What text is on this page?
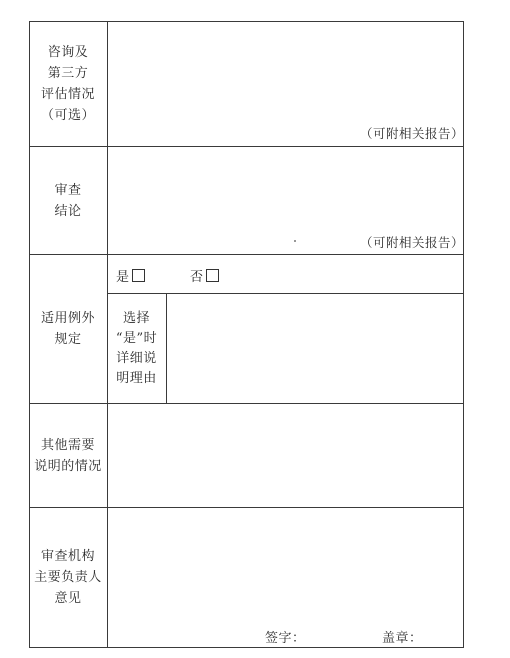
咨询及
第三方
评估情况
（可选）
（可附相关报告）
审查
结论
（可附相关报告）
适用例外
规定
是	否
选择
“是”时
详细说
明理由
其他需要
说明的情况
审查机构
主要负责人
意见
签字：	盖章：
